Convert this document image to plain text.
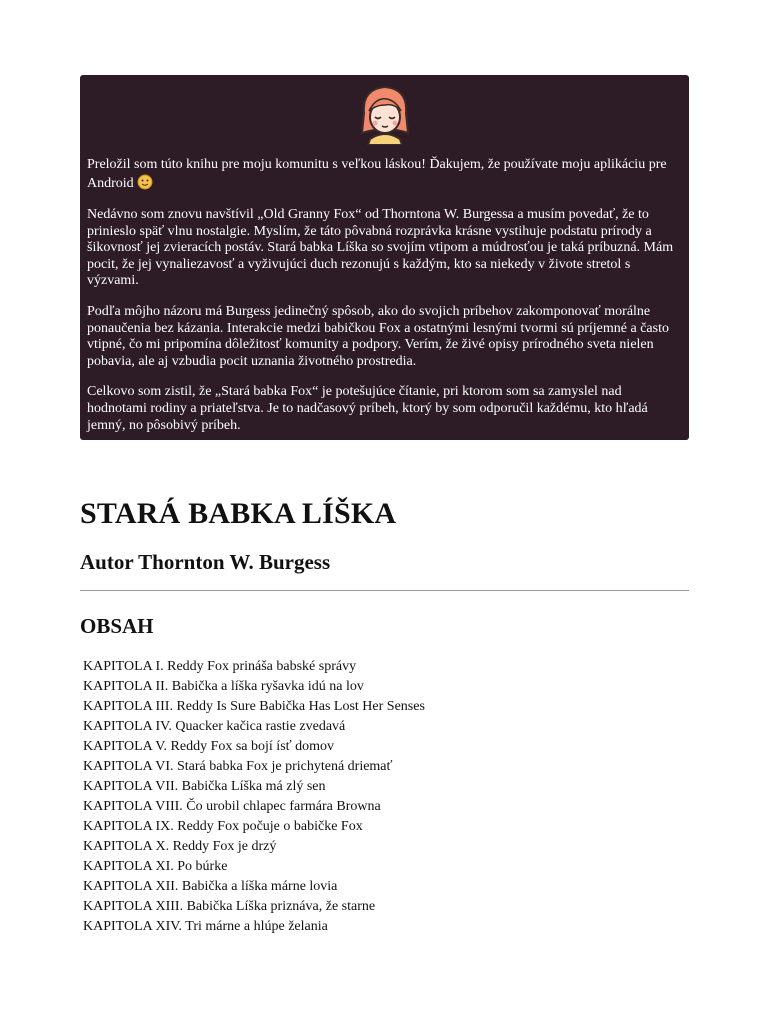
Preložil som túto knihu pre moju komunitu s veľkou láskou! Ďakujem, že používate moju aplikáciu pre Android

Nedávno som znovu navštívil „Old Granny Fox“ od Thorntona W. Burgessa a musím povedať, že to prinieslo späť vlnu nostalgie. Myslím, že táto pôvabná rozprávka krásne vystihuje podstatu prírody a šikovnosť jej zvieracích postáv. Stará babka Líška so svojím vtipom a múdrosťou je taká príbuzná. Mám pocit, že jej vynaliezavosť a vyživujúci duch rezonujú s každým, kto sa niekedy v živote stretol s výzvami.

Podľa môjho názoru má Burgess jedinečný spôsob, ako do svojich príbehov zakomponovať morálne ponaučenia bez kázania. Interakcie medzi babičkou Fox a ostatnými lesnými tvormi sú príjemné a často vtipné, čo mi pripomína dôležitosť komunity a podpory. Verím, že živé opisy prírodného sveta nielen pobavia, ale aj vzbudia pocit uznania životného prostredia.

Celkovo som zistil, že „Stará babka Fox“ je potešujúce čítanie, pri ktorom som sa zamyslel nad hodnotami rodiny a priateľstva. Je to nadčasový príbeh, ktorý by som odporučil každému, kto hľadá jemný, no pôsobivý príbeh.

STARÁ BABKA LÍŠKA
Autor Thornton W. Burgess
OBSAH
KAPITOLA I. Reddy Fox prináša babské správy
KAPITOLA II. Babička a líška ryšavka idú na lov
KAPITOLA III. Reddy Is Sure Babička Has Lost Her Senses
KAPITOLA IV. Quacker kačica rastie zvedavá
KAPITOLA V. Reddy Fox sa bojí ísť domov
KAPITOLA VI. Stará babka Fox je prichytená driemať
KAPITOLA VII. Babička Líška má zlý sen
KAPITOLA VIII. Čo urobil chlapec farmára Browna
KAPITOLA IX. Reddy Fox počuje o babičke Fox
KAPITOLA X. Reddy Fox je drzý
KAPITOLA XI. Po búrke
KAPITOLA XII. Babička a líška márne lovia
KAPITOLA XIII. Babička Líška priznáva, že starne
KAPITOLA XIV. Tri márne a hlúpe želania
